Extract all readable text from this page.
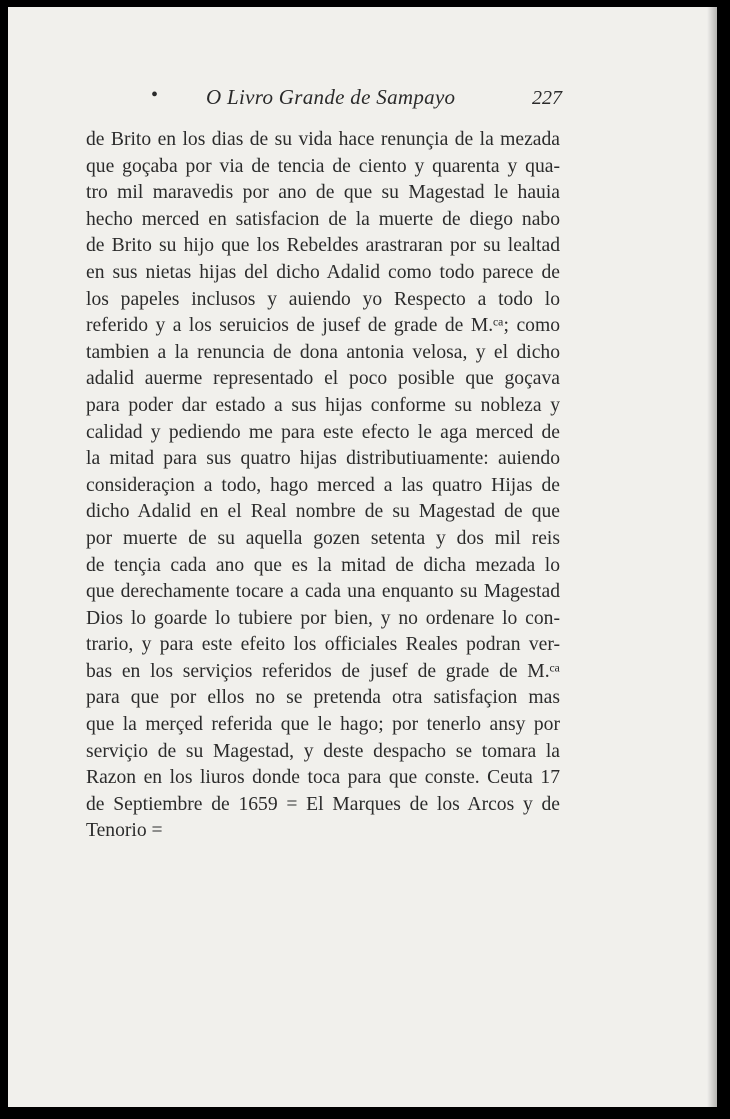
• O Livro Grande de Sampayo	227
de Brito en los dias de su vida hace renunçia de la mezada
que goçaba por via de tencia de ciento y quarenta y qua-
tro mil maravedis por ano de que su Magestad le hauia
hecho merced en satisfacion de la muerte de diego nabo
de Brito su hijo que los Rebeldes arastraran por su lealtad
en sus nietas hijas del dicho Adalid como todo parece de
los papeles inclusos y auiendo yo Respecto a todo lo
referido y a los seruicios de jusef de grade de M.ᶜᵃ; como
tambien a la renuncia de dona antonia velosa, y el dicho
adalid auerme representado el poco posible que goçava
para poder dar estado a sus hijas conforme su nobleza y
calidad y pediendo me para este efecto le aga merced de
la mitad para sus quatro hijas distributiuamente: auiendo
consideraçion a todo, hago merced a las quatro Hijas de
dicho Adalid en el Real nombre de su Magestad de que
por muerte de su aquella gozen setenta y dos mil reis
de tençia cada ano que es la mitad de dicha mezada lo
que derechamente tocare a cada una enquanto su Magestad
Dios lo goarde lo tubiere por bien, y no ordenare lo con-
trario, y para este efeito los officiales Reales podran ver-
bas en los serviçios referidos de jusef de grade de M.ᶜᵃ
para que por ellos no se pretenda otra satisfaçion mas
que la merçed referida que le hago; por tenerlo ansy por
serviçio de su Magestad, y deste despacho se tomara la
Razon en los liuros donde toca para que conste. Ceuta 17
de Septiembre de 1659 = El Marques de los Arcos y de
Tenorio =
